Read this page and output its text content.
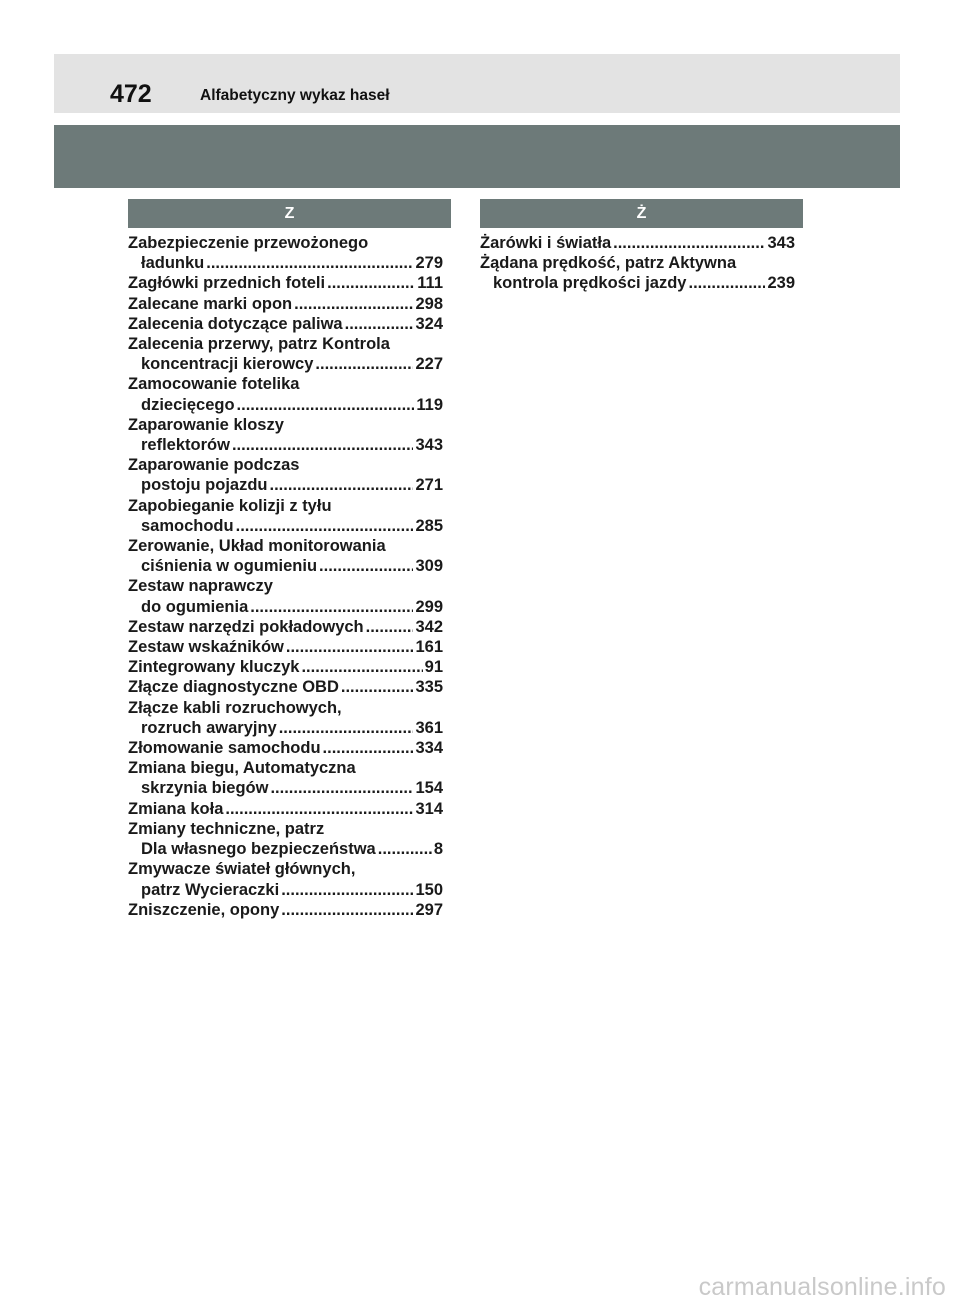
472	Alfabetyczny wykaz haseł
Z
Zabezpieczenie przewożonego
ładunku .....	279
Zagłówki przednich foteli .....	111
Zalecane marki opon .....	298
Zalecenia dotyczące paliwa .....	324
Zalecenia przerwy, patrz Kontrola
koncentracji kierowcy .....	227
Zamocowanie fotelika
dziecięcego .....	119
Zaparowanie kloszy
reflektorów .....	343
Zaparowanie podczas
postoju pojazdu .....	271
Zapobieganie kolizji z tyłu
samochodu .....	285
Zerowanie, Układ monitorowania
ciśnienia w ogumieniu .....	309
Zestaw naprawczy
do ogumienia .....	299
Zestaw narzędzi pokładowych .....	342
Zestaw wskaźników .....	161
Zintegrowany kluczyk .....	91
Złącze diagnostyczne OBD .....	335
Złącze kabli rozruchowych,
rozruch awaryjny .....	361
Złomowanie samochodu .....	334
Zmiana biegu, Automatyczna
skrzynia biegów .....	154
Zmiana koła .....	314
Zmiany techniczne, patrz
Dla własnego bezpieczeństwa .....	8
Zmywacze świateł głównych,
patrz Wycieraczki .....	150
Zniszczenie, opony .....	297
Ż
Żarówki i światła .....	343
Żądana prędkość, patrz Aktywna
kontrola prędkości jazdy .....	239
carmanualsonline.info
